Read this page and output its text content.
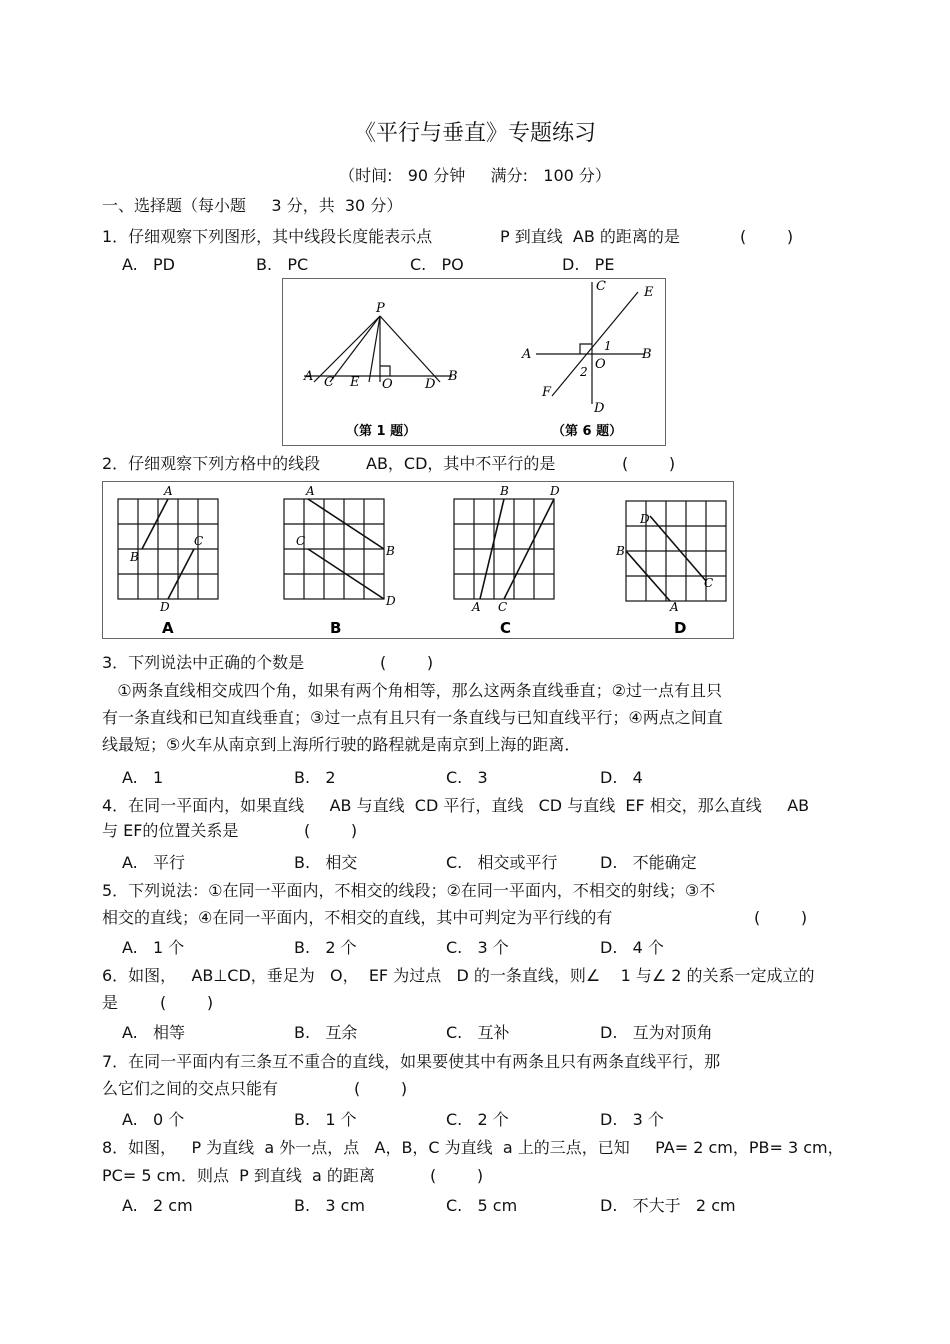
《平行与垂直》专题练习
（时间:   90 分钟     满分:   100 分）
一、选择题（每小题     3 分，共  30 分）
1．仔细观察下列图形，其中线段长度能表示点	P 到直线  AB 的距离的是	(        )
A.   PD	B.   PC	C.   PO	D.   PE
P
A C E O D
B
（第 1 题）
C	E
A	B
O
1
2
F
D
（第 6 题）
2．仔细观察下列方格中的线段	AB，CD，其中不平行的是	(        )
A
B
C
D
A
B
C
D	A
B
C
D
A
B
C
D
A	B	C	D
3．下列说法中正确的个数是	(        )
①两条直线相交成四个角，如果有两个角相等，那么这两条直线垂直；②过一点有且只
有一条直线和已知直线垂直；③过一点有且只有一条直线与已知直线平行；④两点之间直
线最短；⑤火车从南京到上海所行驶的路程就是南京到上海的距离．
A.   1	B.   2	C.   3	D.   4
4．在同一平面内，如果直线     AB 与直线  CD 平行，直线   CD 与直线  EF 相交，那么直线     AB
与 EF的位置关系是	(        )
A.   平行	B.   相交	C.   相交或平行	D.   不能确定
5．下列说法：①在同一平面内，不相交的线段；②在同一平面内，不相交的射线；③不
相交的直线；④在同一平面内，不相交的直线，其中可判定为平行线的有	(        )
A.   1 个	B.   2 个	C.   3 个	D.   4 个
6．如图，   AB⊥CD，垂足为   O，  EF 为过点   D 的一条直线，则∠    1 与∠ 2 的关系一定成立的
是	(        )
A.   相等	B.   互余	C.   互补	D.   互为对顶角
7．在同一平面内有三条互不重合的直线，如果要使其中有两条且只有两条直线平行，那
么它们之间的交点只能有	(        )
A.   0 个	B.   1 个	C.   2 个	D.   3 个
8．如图，   P 为直线  a 外一点，点   A，B，C 为直线  a 上的三点，已知     PA= 2 cm，PB= 3 cm，
PC= 5 cm．则点  P 到直线  a 的距离	(        )
A.   2 cm	B.   3 cm	C.   5 cm	D.   不大于   2 cm
